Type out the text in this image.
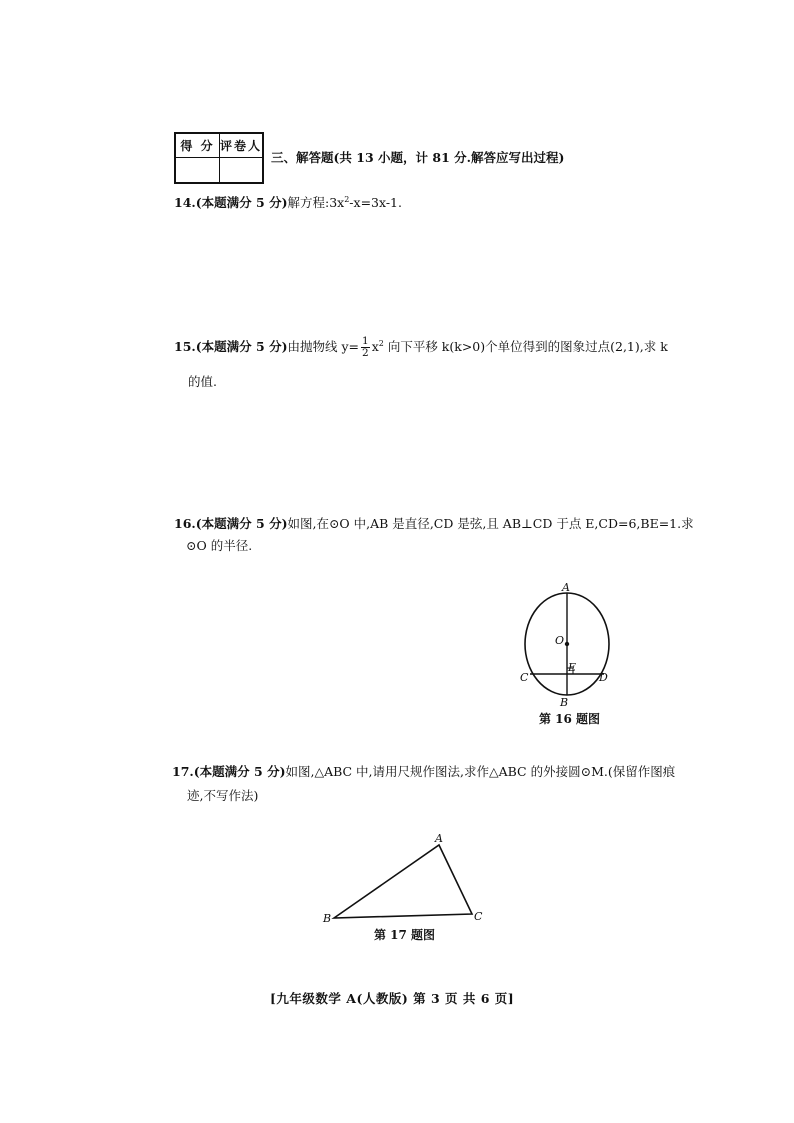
得 分 评卷人
三、解答题(共 13 小题，计 81 分.解答应写出过程)
14.(本题满分 5 分)解方程$:3x^2-x=3x-1$.
15.(本题满分 5 分)由抛物线 $y= \frac{1}{2} x^2$ 向下平移 k(k>0)个单位得到的图象过点(2,1),求 k
的值.
16.(本题满分 5 分)如图,在⊙O 中,AB 是直径,CD 是弦,且 AB⊥CD 于点 E,CD=6,BE=1.求
⊙O 的半径.
A
O
E
C	D
B
第 16 题图
17.(本题满分 5 分)如图,△ABC 中,请用尺规作图法,求作△ABC 的外接圆⊙M.(保留作图痕
迹,不写作法)
A
B	C
第 17 题图
[九年级数学 A(人教版) 第 3 页 共 6 页]
